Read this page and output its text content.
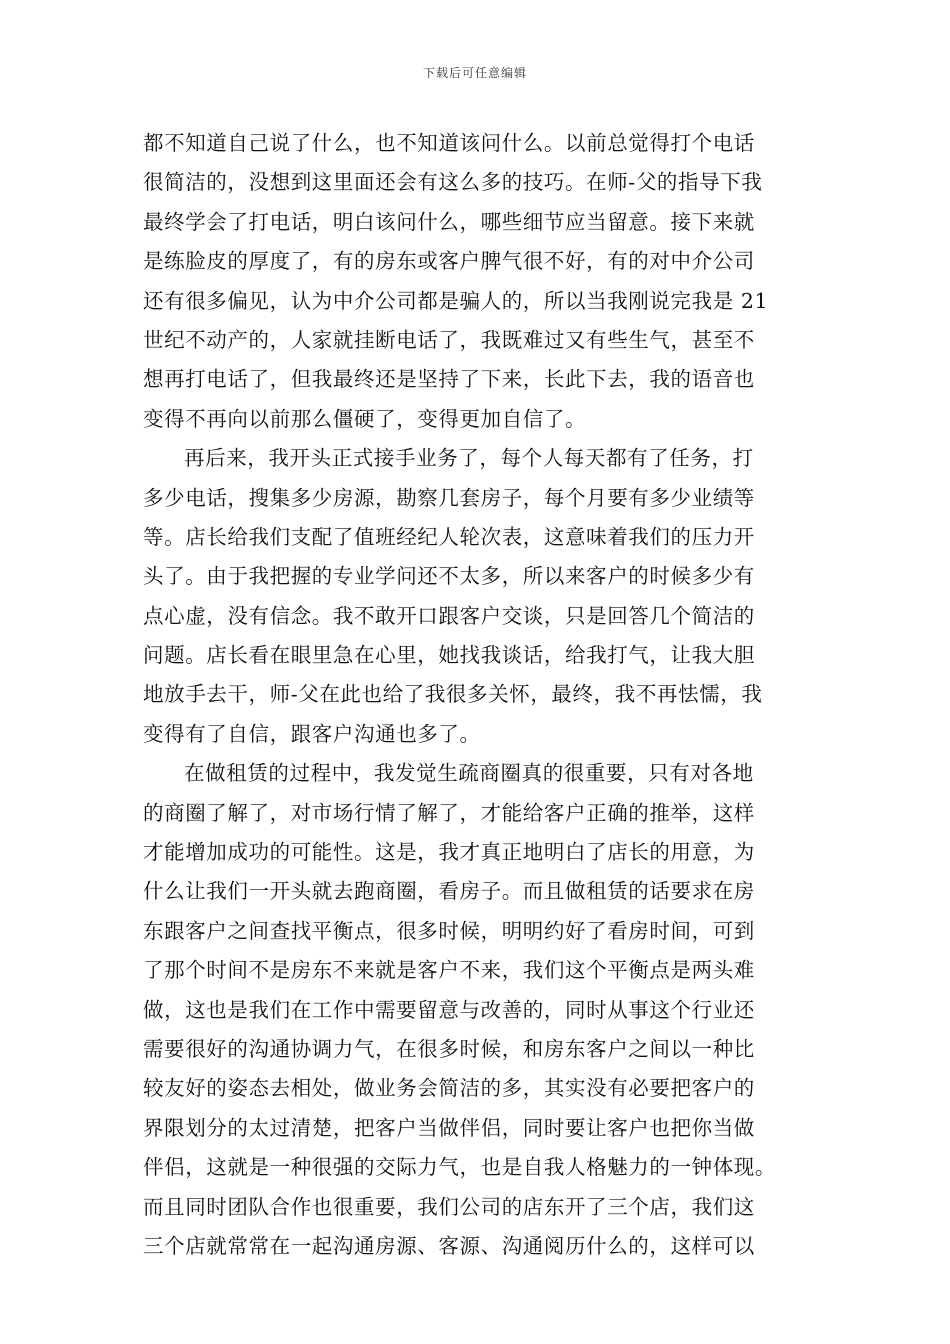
下载后可任意编辑
都不知道自己说了什么，也不知道该问什么。以前总觉得打个电话
很简洁的，没想到这里面还会有这么多的技巧。在师-父的指导下我
最终学会了打电话，明白该问什么，哪些细节应当留意。接下来就
是练脸皮的厚度了，有的房东或客户脾气很不好，有的对中介公司
还有很多偏见，认为中介公司都是骗人的，所以当我刚说完我是 21
世纪不动产的，人家就挂断电话了，我既难过又有些生气，甚至不
想再打电话了，但我最终还是坚持了下来，长此下去，我的语音也
变得不再向以前那么僵硬了，变得更加自信了。
再后来，我开头正式接手业务了，每个人每天都有了任务，打
多少电话，搜集多少房源，勘察几套房子，每个月要有多少业绩等
等。店长给我们支配了值班经纪人轮次表，这意味着我们的压力开
头了。由于我把握的专业学问还不太多，所以来客户的时候多少有
点心虚，没有信念。我不敢开口跟客户交谈，只是回答几个简洁的
问题。店长看在眼里急在心里，她找我谈话，给我打气，让我大胆
地放手去干，师-父在此也给了我很多关怀，最终，我不再怯懦，我
变得有了自信，跟客户沟通也多了。
在做租赁的过程中，我发觉生疏商圈真的很重要，只有对各地
的商圈了解了，对市场行情了解了，才能给客户正确的推举，这样
才能增加成功的可能性。这是，我才真正地明白了店长的用意，为
什么让我们一开头就去跑商圈，看房子。而且做租赁的话要求在房
东跟客户之间查找平衡点，很多时候，明明约好了看房时间，可到
了那个时间不是房东不来就是客户不来，我们这个平衡点是两头难
做，这也是我们在工作中需要留意与改善的，同时从事这个行业还
需要很好的沟通协调力气，在很多时候，和房东客户之间以一种比
较友好的姿态去相处，做业务会简洁的多，其实没有必要把客户的
界限划分的太过清楚，把客户当做伴侣，同时要让客户也把你当做
伴侣，这就是一种很强的交际力气，也是自我人格魅力的一钟体现。
而且同时团队合作也很重要，我们公司的店东开了三个店，我们这
三个店就常常在一起沟通房源、客源、沟通阅历什么的，这样可以
